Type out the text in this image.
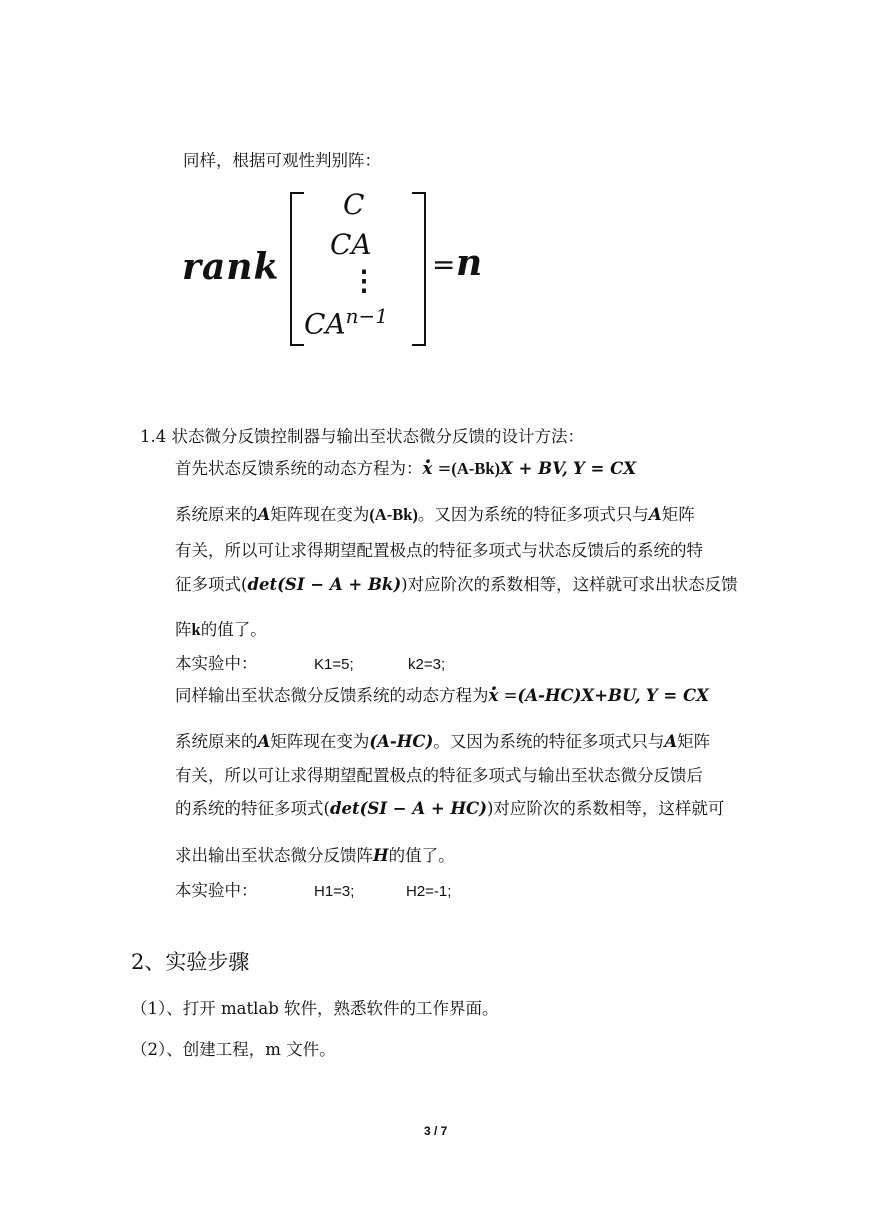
同样，根据可观性判别阵：
rank
C
CA
⋮
$CA^{n-1}$
= n
1.4 状态微分反馈控制器与输出至状态微分反馈的设计方法：
首先状态反馈系统的动态方程为：· x =(A-Bk)X + BV, Y = CX
系统原来的A矩阵现在变为(A-Bk)。又因为系统的特征多项式只与A矩阵
有关，所以可让求得期望配置极点的特征多项式与状态反馈后的系统的特
征多项式(det(SI − A + Bk))对应阶次的系数相等，这样就可求出状态反馈
阵k的值了。
本实验中：	K1=5;	k2=3;
同样输出至状态微分反馈系统的动态方程为· x =(A-HC)X+BU, Y = CX
系统原来的A矩阵现在变为(A-HC)。又因为系统的特征多项式只与A矩阵
有关，所以可让求得期望配置极点的特征多项式与输出至状态微分反馈后
的系统的特征多项式(det(SI − A + HC))对应阶次的系数相等，这样就可
求出输出至状态微分反馈阵H的值了。
本实验中：	H1=3;	H2=-1;
2、实验步骤
（1）、打开 matlab 软件，熟悉软件的工作界面。
（2）、创建工程，m 文件。
3 / 7
